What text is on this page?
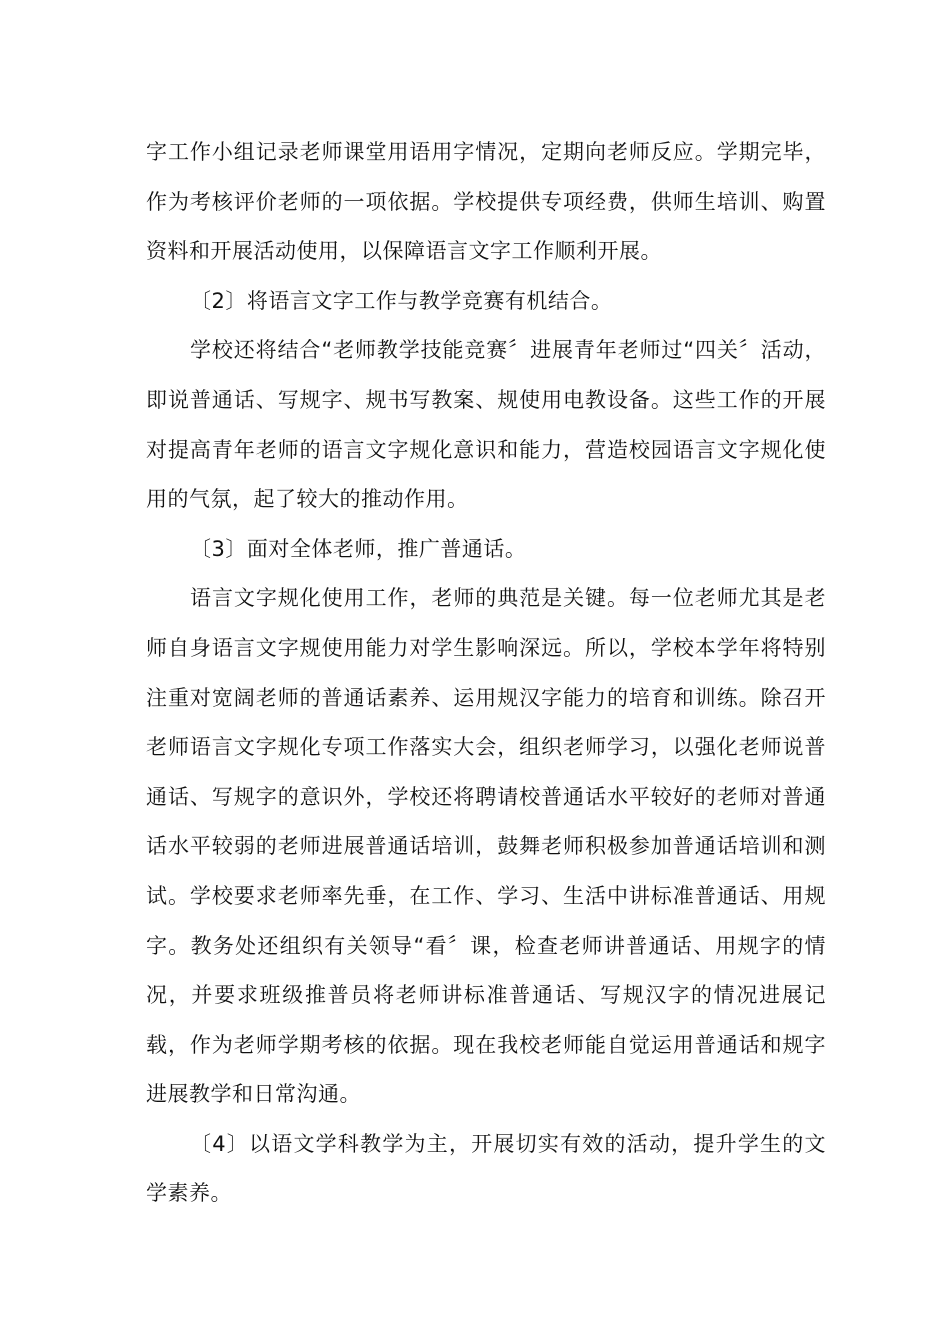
字工作小组记录老师课堂用语用字情况，定期向老师反应。学期完毕，作为考核评价老师的一项依据。学校提供专项经费，供师生培训、购置资料和开展活动使用，以保障语言文字工作顺利开展。

〔2〕将语言文字工作与教学竞赛有机结合。

学校还将结合“老师教学技能竞赛〞进展青年老师过“四关〞活动，即说普通话、写规字、规书写教案、规使用电教设备。这些工作的开展对提高青年老师的语言文字规化意识和能力，营造校园语言文字规化使用的气氛，起了较大的推动作用。

〔3〕面对全体老师，推广普通话。

语言文字规化使用工作，老师的典范是关键。每一位老师尤其是老师自身语言文字规使用能力对学生影响深远。所以，学校本学年将特别注重对宽阔老师的普通话素养、运用规汉字能力的培育和训练。除召开老师语言文字规化专项工作落实大会，组织老师学习，以强化老师说普通话、写规字的意识外，学校还将聘请校普通话水平较好的老师对普通话水平较弱的老师进展普通话培训，鼓舞老师积极参加普通话培训和测试。学校要求老师率先垂，在工作、学习、生活中讲标准普通话、用规字。教务处还组织有关领导“看〞课，检查老师讲普通话、用规字的情况，并要求班级推普员将老师讲标准普通话、写规汉字的情况进展记载，作为老师学期考核的依据。现在我校老师能自觉运用普通话和规字进展教学和日常沟通。

〔4〕以语文学科教学为主，开展切实有效的活动，提升学生的文学素养。
